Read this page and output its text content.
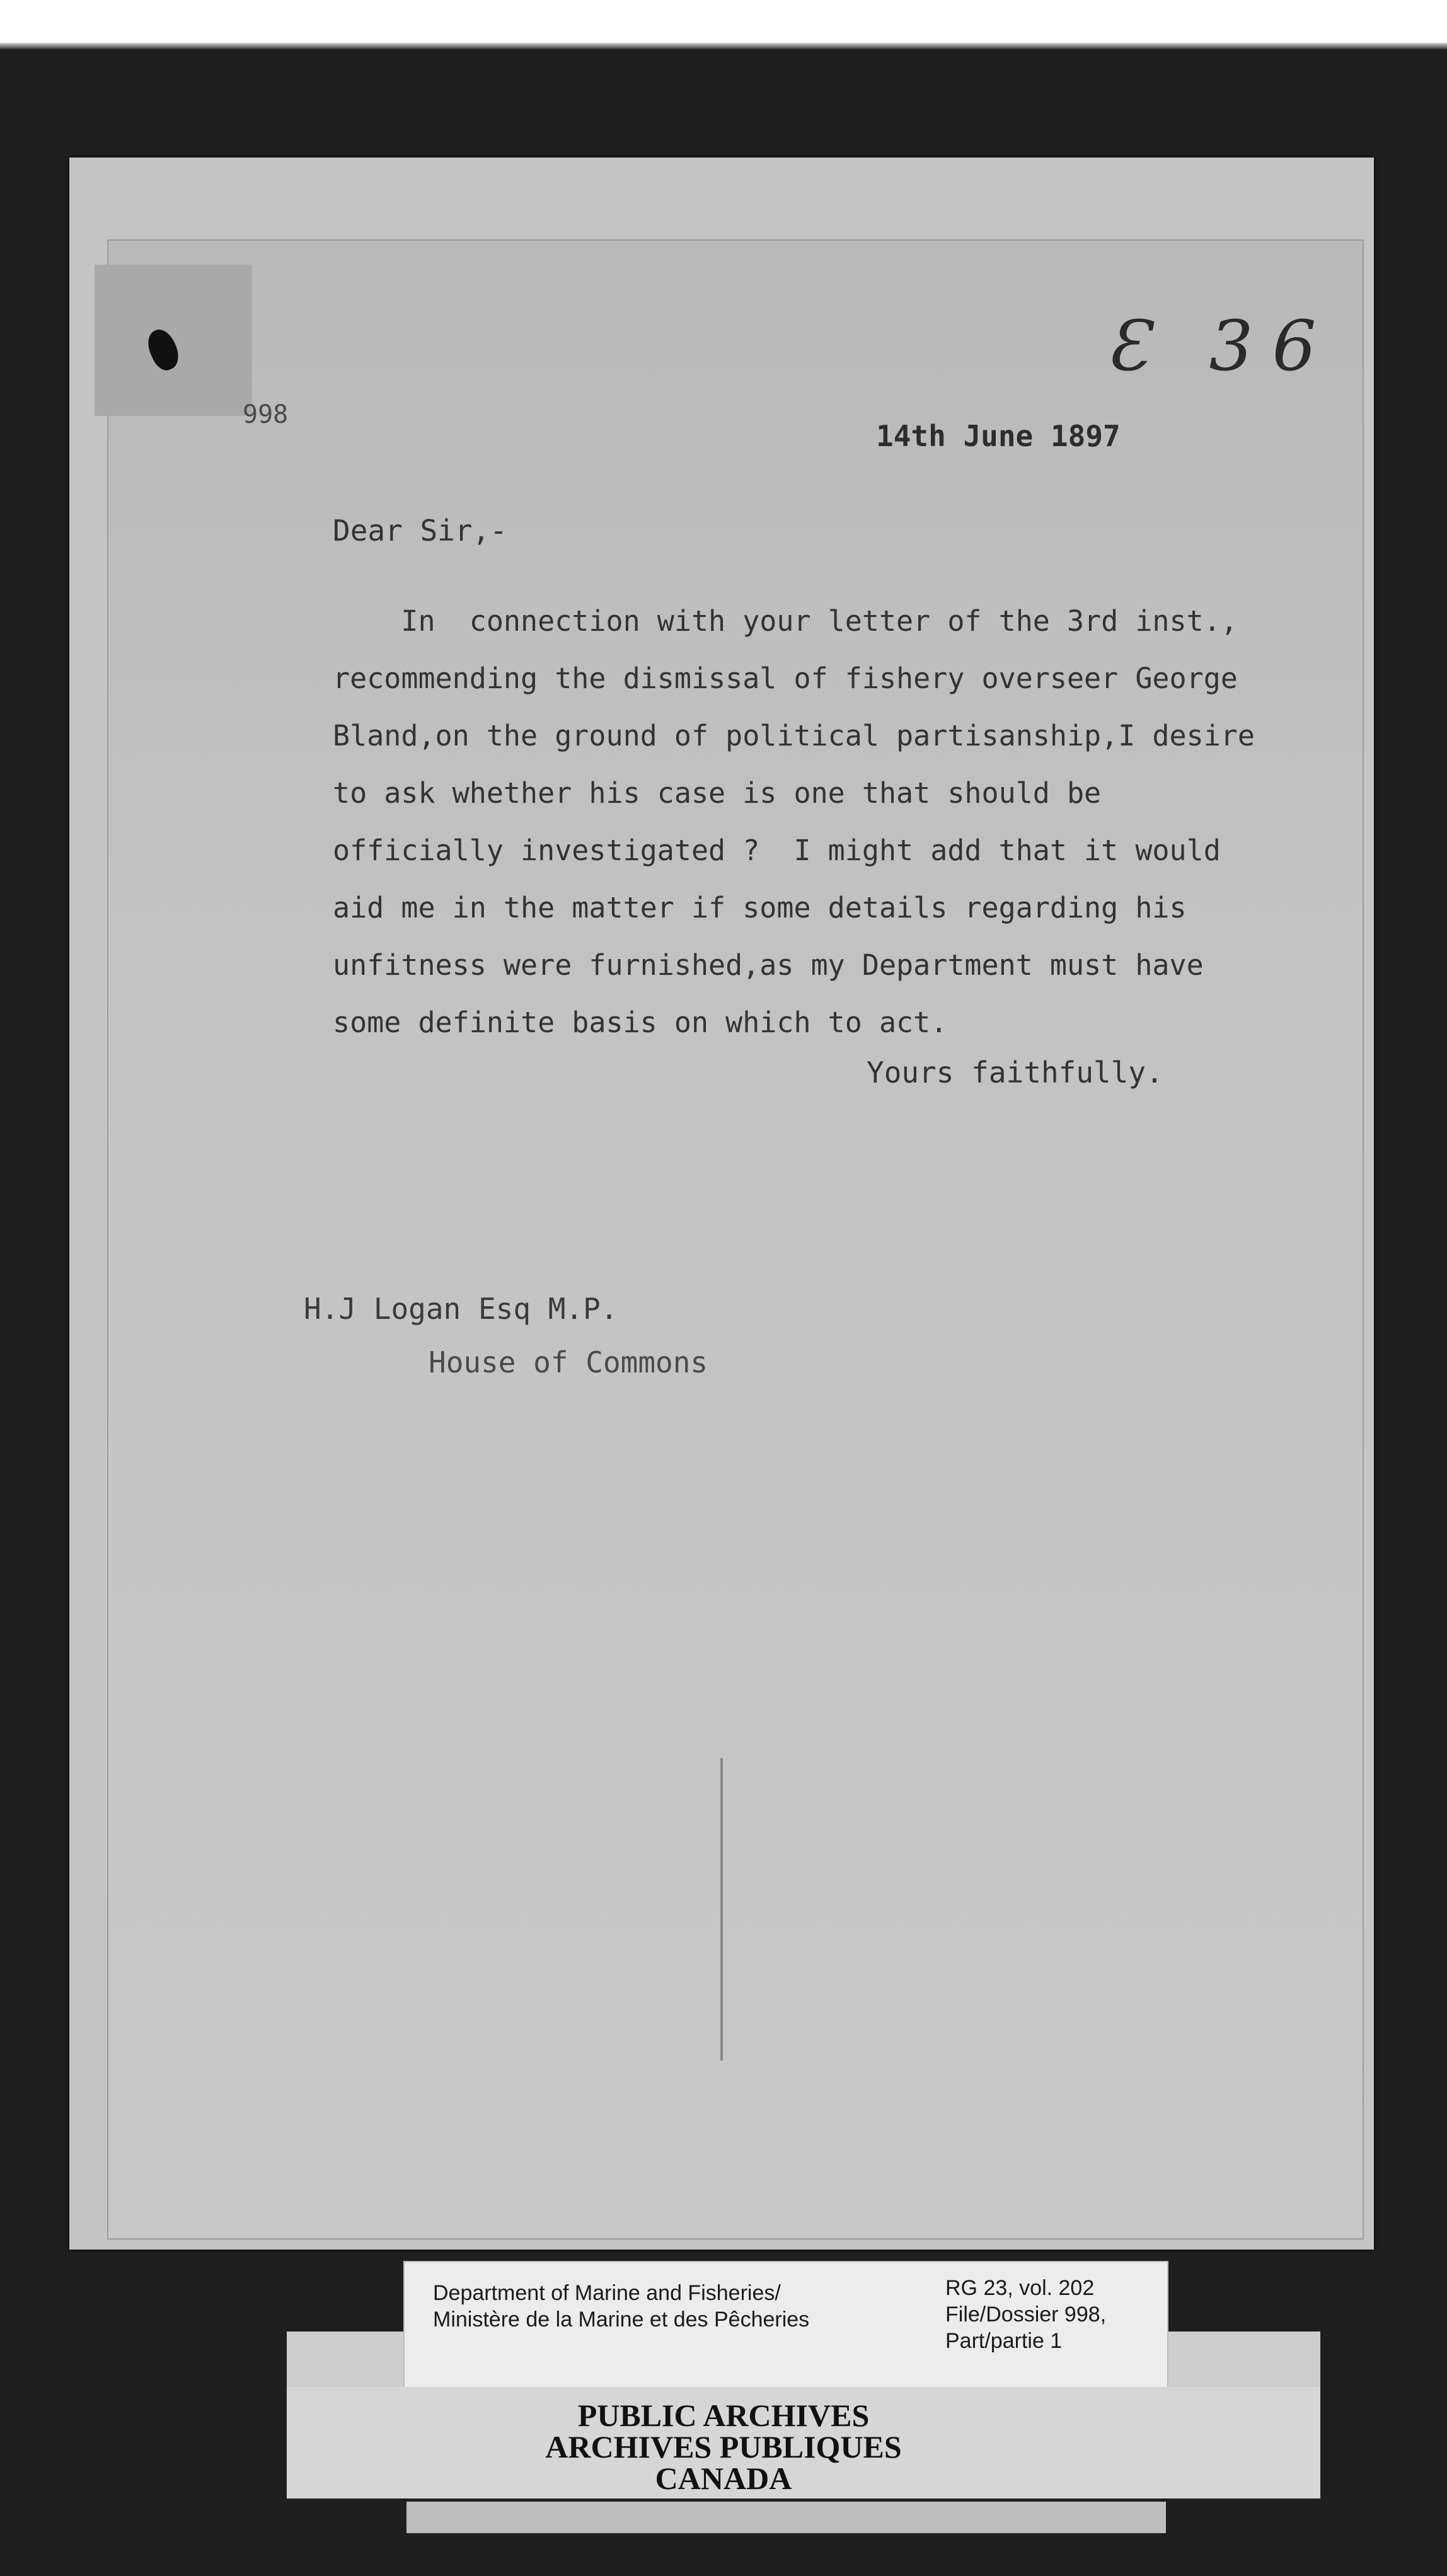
998
Ɛ 36
14th June 1897
Dear Sir,-
In  connection with your letter of the 3rd inst.,
recommending the dismissal of fishery overseer George
Bland,on the ground of political partisanship,I desire
to ask whether his case is one that should be
officially investigated ?  I might add that it would
aid me in the matter if some details regarding his
unfitness were furnished,as my Department must have
some definite basis on which to act.
Yours faithfully.
H.J Logan Esq M.P.
House of Commons
Department of Marine and Fisheries/
Ministère de la Marine et des Pêcheries
RG 23, vol. 202
File/Dossier 998,
Part/partie 1
PUBLIC ARCHIVES
ARCHIVES PUBLIQUES
CANADA
